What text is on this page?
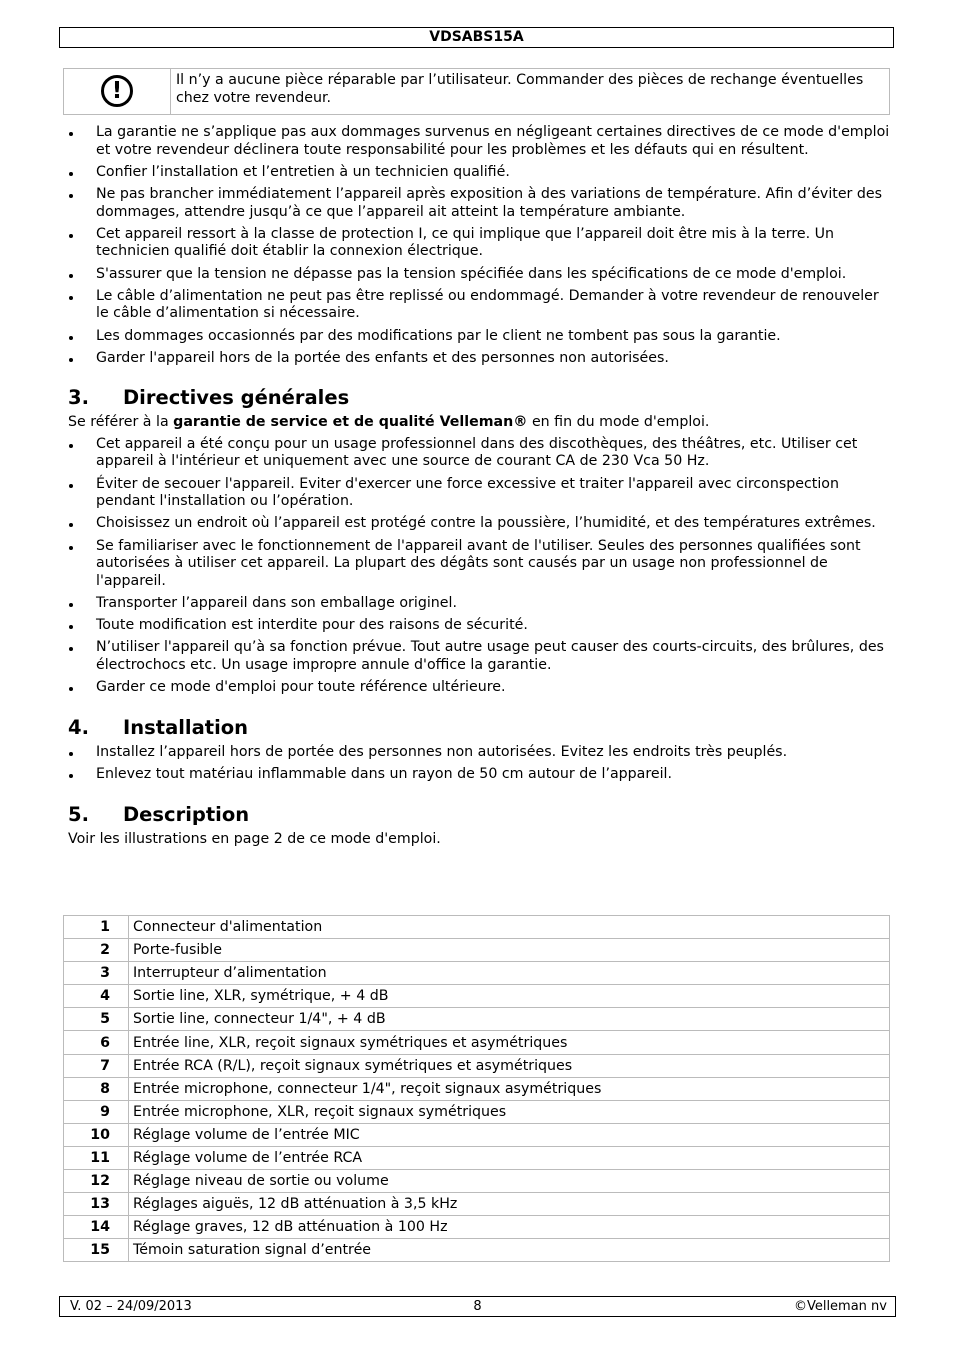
VDSABS15A
!	Il n’y a aucune pièce réparable par l’utilisateur. Commander des pièces de rechange éventuelles chez votre revendeur.
La garantie ne s’applique pas aux dommages survenus en négligeant certaines directives de ce mode d'emploi et votre revendeur déclinera toute responsabilité pour les problèmes et les défauts qui en résultent.
Confier l’installation et l’entretien à un technicien qualifié.
Ne pas brancher immédiatement l’appareil après exposition à des variations de température. Afin d’éviter des dommages, attendre jusqu’à ce que l’appareil ait atteint la température ambiante.
Cet appareil ressort à la classe de protection I, ce qui implique que l’appareil doit être mis à la terre. Un technicien qualifié doit établir la connexion électrique.
S'assurer que la tension ne dépasse pas la tension spécifiée dans les spécifications de ce mode d'emploi.
Le câble d’alimentation ne peut pas être replissé ou endommagé. Demander à votre revendeur de renouveler le câble d’alimentation si nécessaire.
Les dommages occasionnés par des modifications par le client ne tombent pas sous la garantie.
Garder l'appareil hors de la portée des enfants et des personnes non autorisées.
3.	Directives générales

Se référer à la garantie de service et de qualité Velleman® en fin du mode d'emploi.

Cet appareil a été conçu pour un usage professionnel dans des discothèques, des théâtres, etc. Utiliser cet appareil à l'intérieur et uniquement avec une source de courant CA de 230 Vca 50 Hz.
Éviter de secouer l'appareil. Eviter d'exercer une force excessive et traiter l'appareil avec circonspection pendant l'installation ou l’opération.
Choisissez un endroit où l’appareil est protégé contre la poussière, l’humidité, et des températures extrêmes.
Se familiariser avec le fonctionnement de l'appareil avant de l'utiliser. Seules des personnes qualifiées sont autorisées à utiliser cet appareil. La plupart des dégâts sont causés par un usage non professionnel de l'appareil.
Transporter l’appareil dans son emballage originel.
Toute modification est interdite pour des raisons de sécurité.
N’utiliser l'appareil qu’à sa fonction prévue. Tout autre usage peut causer des courts-circuits, des brûlures, des électrochocs etc. Un usage impropre annule d'office la garantie.
Garder ce mode d'emploi pour toute référence ultérieure.
4.	Installation
Installez l’appareil hors de portée des personnes non autorisées. Evitez les endroits très peuplés.
Enlevez tout matériau inflammable dans un rayon de 50 cm autour de l’appareil.
5.	Description

Voir les illustrations en page 2 de ce mode d'emploi.

1	Connecteur d'alimentation
2	Porte-fusible
3	Interrupteur d’alimentation
4	Sortie line, XLR, symétrique, + 4 dB
5	Sortie line, connecteur 1/4", + 4 dB
6	Entrée line, XLR, reçoit signaux symétriques et asymétriques
7	Entrée RCA (R/L), reçoit signaux symétriques et asymétriques
8	Entrée microphone, connecteur 1/4", reçoit signaux asymétriques
9	Entrée microphone, XLR, reçoit signaux symétriques
10	Réglage volume de l’entrée MIC
11	Réglage volume de l’entrée RCA
12	Réglage niveau de sortie ou volume
13	Réglages aiguës, 12 dB atténuation à 3,5 kHz
14	Réglage graves, 12 dB atténuation à 100 Hz
15	Témoin saturation signal d’entrée
V. 02 – 24/09/2013	8	©Velleman nv
